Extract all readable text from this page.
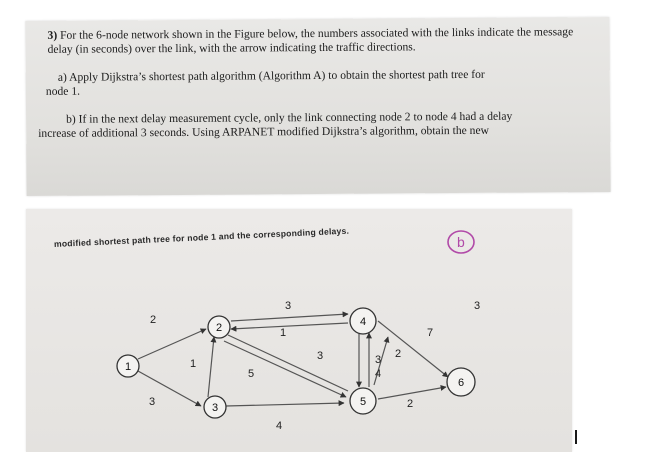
3) For the 6-node network shown in the Figure below, the numbers associated with the links indicate the message delay (in seconds) over the link, with the arrow indicating the traffic directions.

a) Apply Dijkstra’s shortest path algorithm (Algorithm A) to obtain the shortest path tree for
node 1.

b) If in the next delay measurement cycle, only the link connecting node 2 to node 4 had a delay
increase of additional 3 seconds. Using ARPANET modified Dijkstra’s algorithm, obtain the new

modified shortest path tree for node 1 and the corresponding delays.	b
1
2
3
4
5
6
2
3
1
5
4
3
1
3	3
4
2
7
2
3
